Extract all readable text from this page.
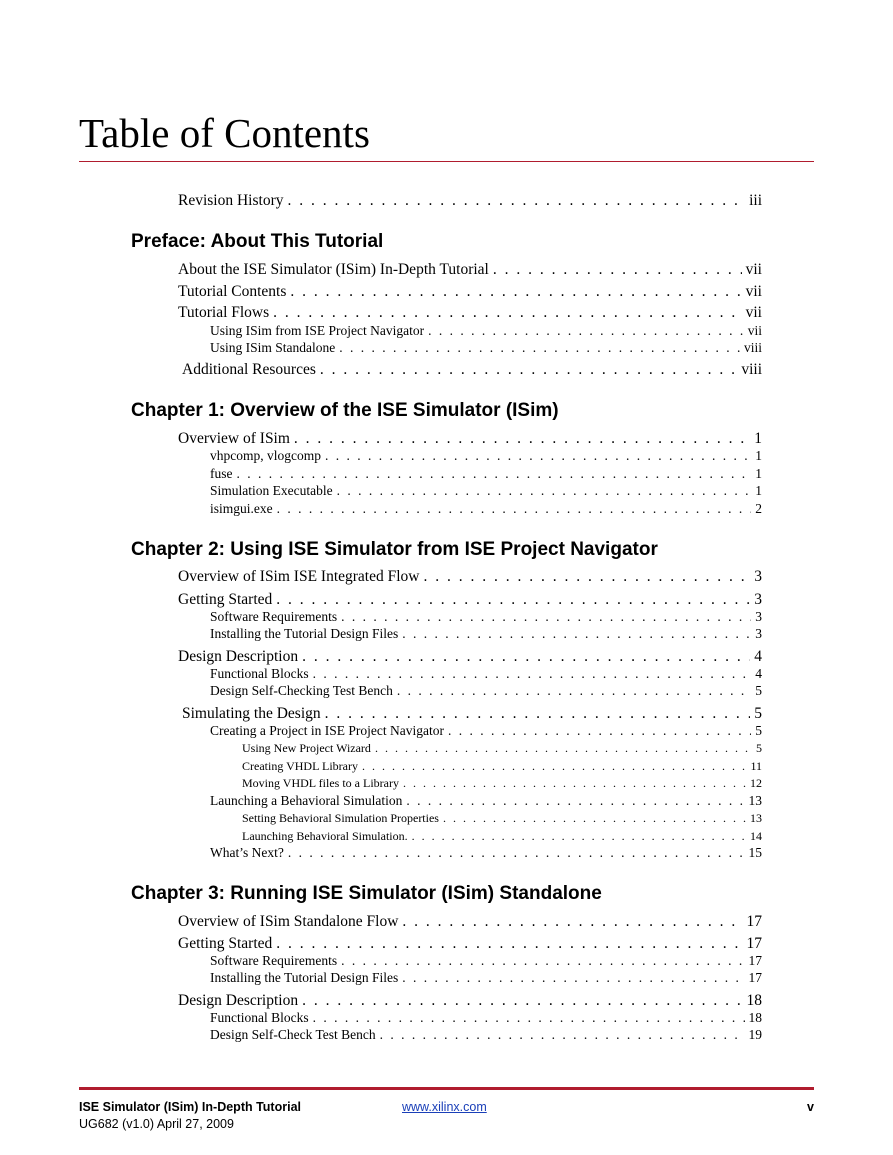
Table of Contents
Revision History . . .	iii
Preface: About This Tutorial
About the ISE Simulator (ISim) In-Depth Tutorial . . .	vii
Tutorial Contents . . .	vii
Tutorial Flows . . .	vii
Using ISim from ISE Project Navigator . . .	vii
Using ISim Standalone . . .	viii
Additional Resources . . .	viii
Chapter 1: Overview of the ISE Simulator (ISim)
Overview of ISim . . .	1
vhpcomp, vlogcomp . . .	1
fuse . . .	1
Simulation Executable . . .	1
isimgui.exe . . .	2
Chapter 2: Using ISE Simulator from ISE Project Navigator
Overview of ISim ISE Integrated Flow . . .	3
Getting Started . . .	3
Software Requirements . . .	3
Installing the Tutorial Design Files . . .	3
Design Description . . .	4
Functional Blocks . . .	4
Design Self-Checking Test Bench . . .	5
Simulating the Design . . .	5
Creating a Project in ISE Project Navigator . . .	5
Using New Project Wizard . . .	5
Creating VHDL Library . . .	11
Moving VHDL files to a Library . . .	12
Launching a Behavioral Simulation . . .	13
Setting Behavioral Simulation Properties . . .	13
Launching Behavioral Simulation. . . .	14
What’s Next? . . .	15
Chapter 3: Running ISE Simulator (ISim) Standalone
Overview of ISim Standalone Flow . . .	17
Getting Started . . .	17
Software Requirements . . .	17
Installing the Tutorial Design Files . . .	17
Design Description . . .	18
Functional Blocks . . .	18
Design Self-Check Test Bench . . .	19
ISE Simulator (ISim) In-Depth Tutorial
UG682 (v1.0) April 27, 2009
www.xilinx.com	v
